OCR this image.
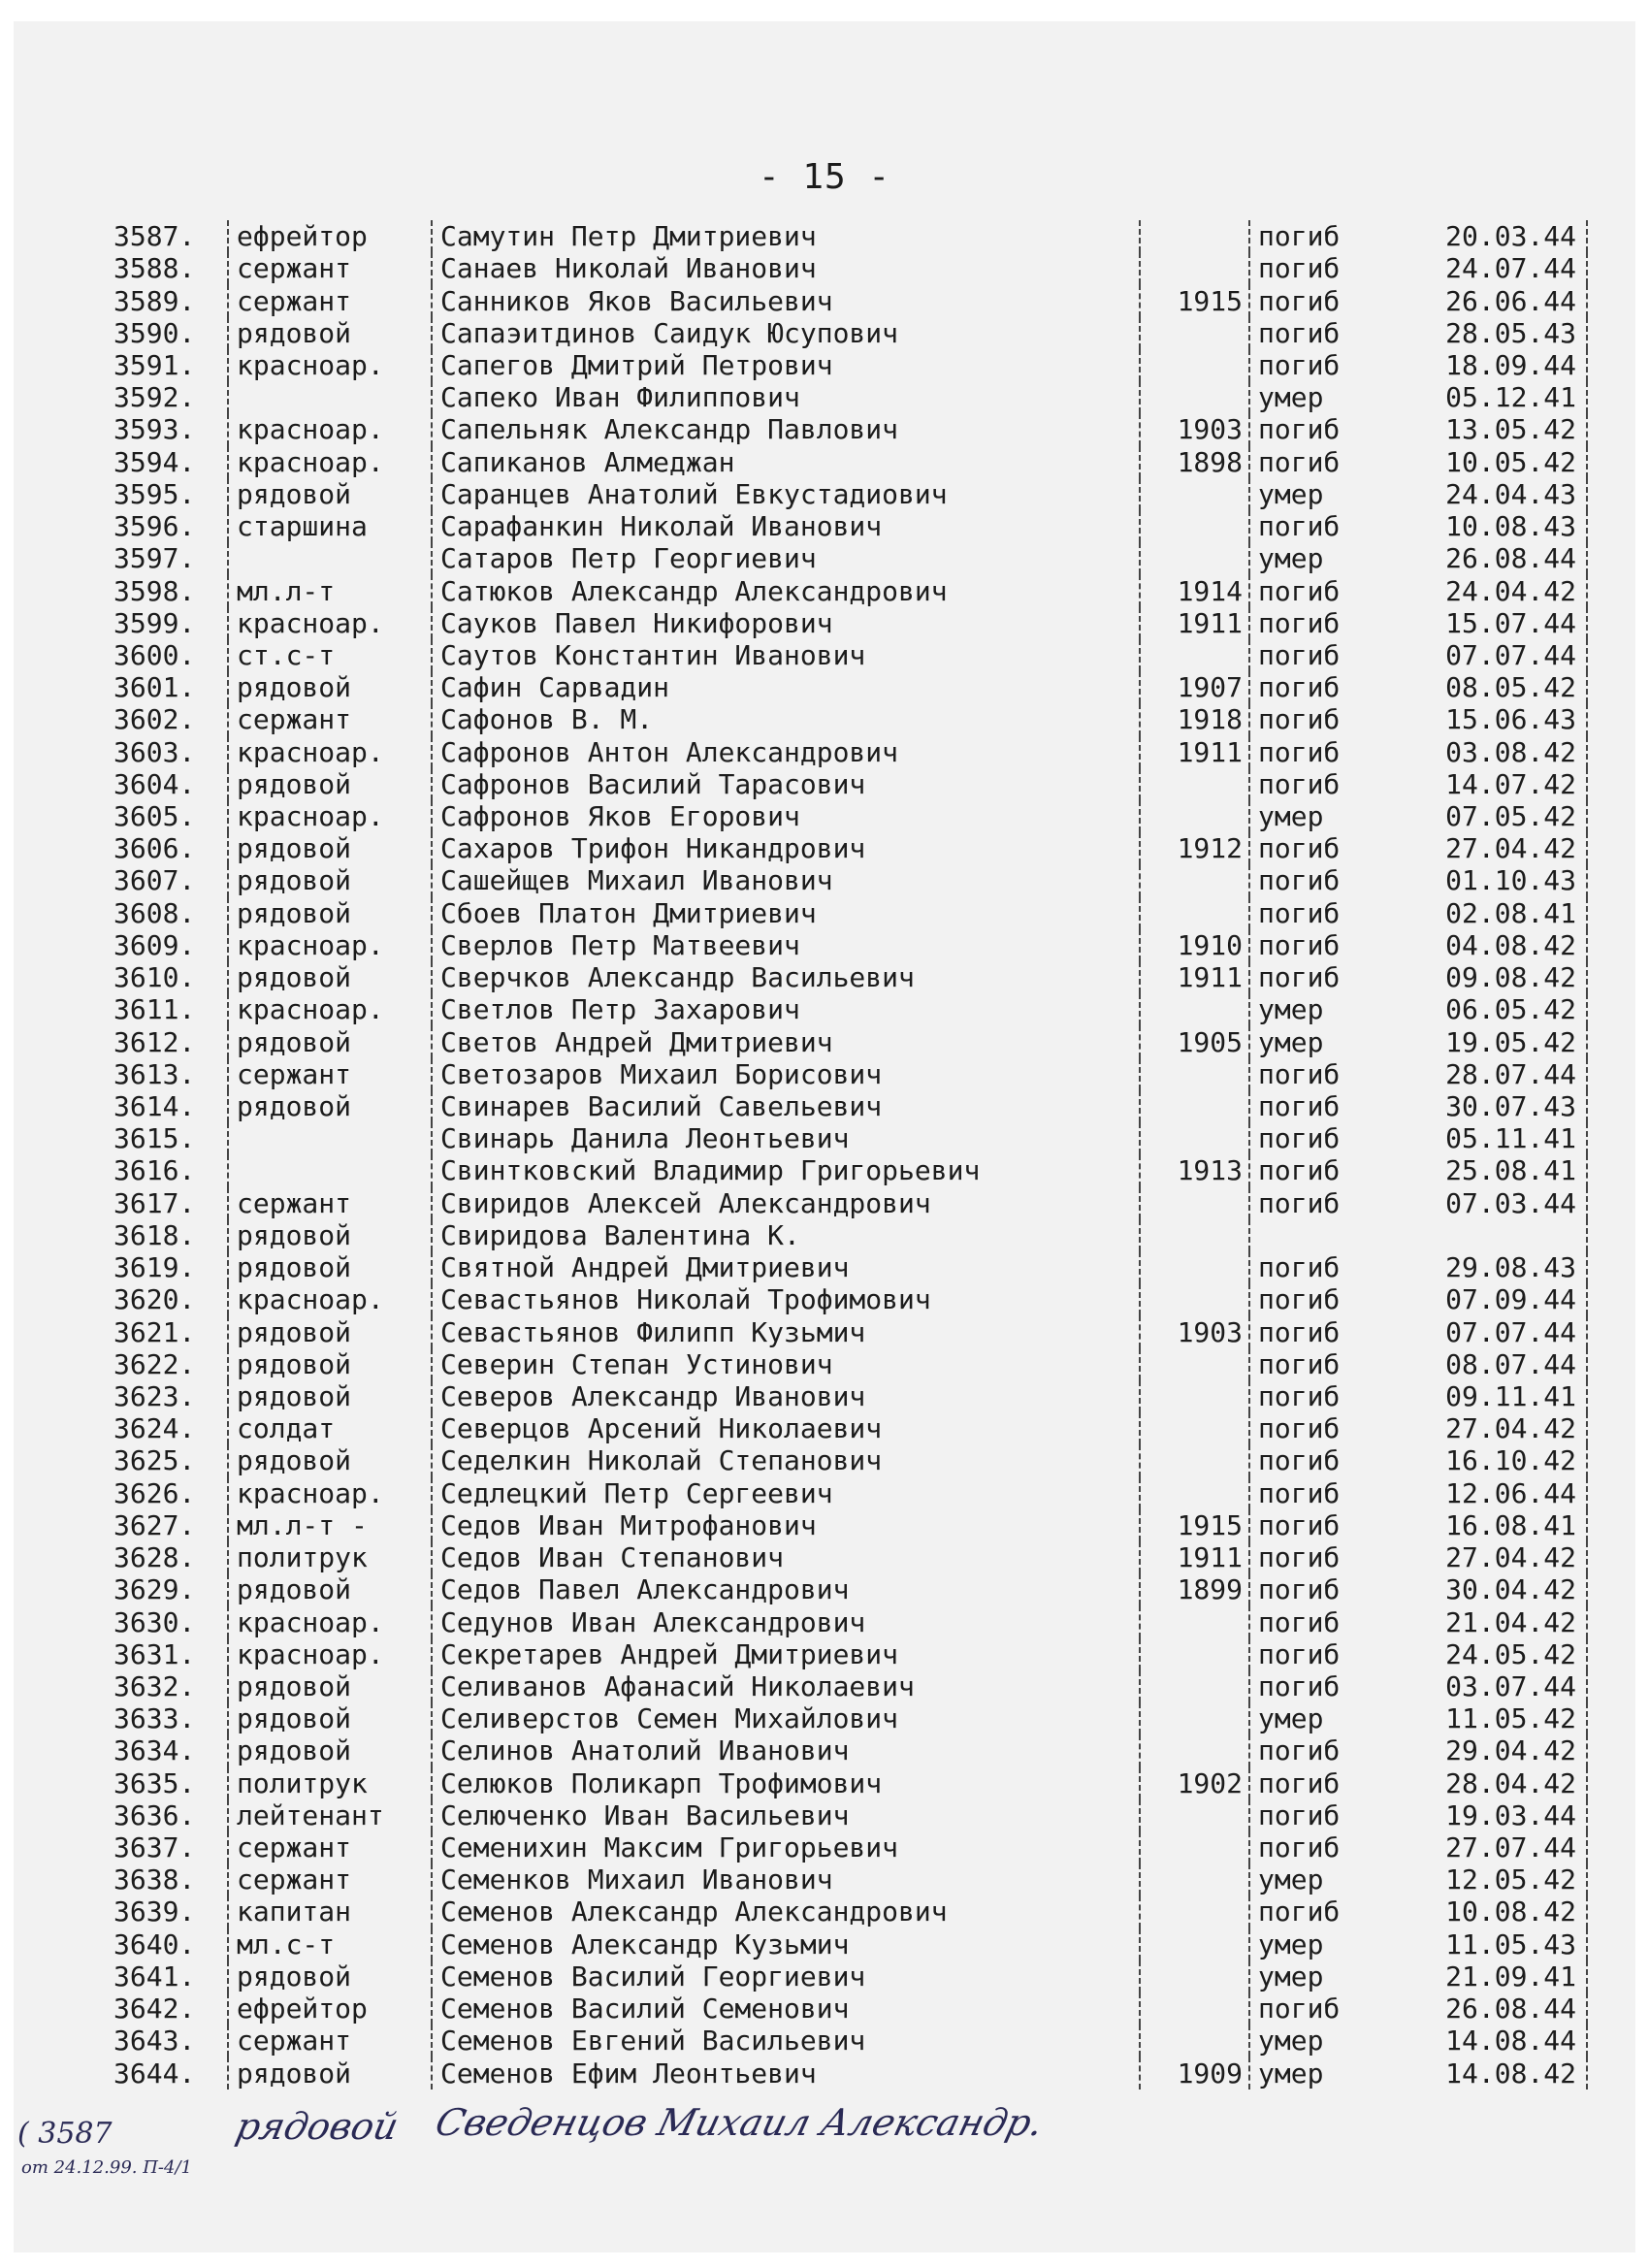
- 15 -
3587.	ефрейтор	Самутин Петр Дмитриевич		погиб	20.03.44
3588.	сержант	Санаев Николай Иванович		погиб	24.07.44
3589.	сержант	Санников Яков Васильевич	1915	погиб	26.06.44
3590.	рядовой	Сапаэитдинов Саидук Юсупович		погиб	28.05.43
3591.	красноар.	Сапегов Дмитрий Петрович		погиб	18.09.44
3592.		Сапеко Иван Филиппович		умер	05.12.41
3593.	красноар.	Сапельняк Александр Павлович	1903	погиб	13.05.42
3594.	красноар.	Сапиканов Алмеджан	1898	погиб	10.05.42
3595.	рядовой	Саранцев Анатолий Евкустадиович		умер	24.04.43
3596.	старшина	Сарафанкин Николай Иванович		погиб	10.08.43
3597.		Сатаров Петр Георгиевич		умер	26.08.44
3598.	мл.л-т	Сатюков Александр Александрович	1914	погиб	24.04.42
3599.	красноар.	Сауков Павел Никифорович	1911	погиб	15.07.44
3600.	ст.с-т	Саутов Константин Иванович		погиб	07.07.44
3601.	рядовой	Сафин Сарвадин	1907	погиб	08.05.42
3602.	сержант	Сафонов В. М.	1918	погиб	15.06.43
3603.	красноар.	Сафронов Антон Александрович	1911	погиб	03.08.42
3604.	рядовой	Сафронов Василий Тарасович		погиб	14.07.42
3605.	красноар.	Сафронов Яков Егорович		умер	07.05.42
3606.	рядовой	Сахаров Трифон Никандрович	1912	погиб	27.04.42
3607.	рядовой	Сашейщев Михаил Иванович		погиб	01.10.43
3608.	рядовой	Сбоев Платон Дмитриевич		погиб	02.08.41
3609.	красноар.	Сверлов Петр Матвеевич	1910	погиб	04.08.42
3610.	рядовой	Сверчков Александр Васильевич	1911	погиб	09.08.42
3611.	красноар.	Светлов Петр Захарович		умер	06.05.42
3612.	рядовой	Светов Андрей Дмитриевич	1905	умер	19.05.42
3613.	сержант	Светозаров Михаил Борисович		погиб	28.07.44
3614.	рядовой	Свинарев Василий Савельевич		погиб	30.07.43
3615.		Свинарь Данила Леонтьевич		погиб	05.11.41
3616.		Свинтковский Владимир Григорьевич	1913	погиб	25.08.41
3617.	сержант	Свиридов Алексей Александрович		погиб	07.03.44
3618.	рядовой	Свиридова Валентина К.			
3619.	рядовой	Святной Андрей Дмитриевич		погиб	29.08.43
3620.	красноар.	Севастьянов Николай Трофимович		погиб	07.09.44
3621.	рядовой	Севастьянов Филипп Кузьмич	1903	погиб	07.07.44
3622.	рядовой	Северин Степан Устинович		погиб	08.07.44
3623.	рядовой	Северов Александр Иванович		погиб	09.11.41
3624.	солдат	Северцов Арсений Николаевич		погиб	27.04.42
3625.	рядовой	Седелкин Николай Степанович		погиб	16.10.42
3626.	красноар.	Седлецкий Петр Сергеевич		погиб	12.06.44
3627.	мл.л-т -	Седов Иван Митрофанович	1915	погиб	16.08.41
3628.	политрук	Седов Иван Степанович	1911	погиб	27.04.42
3629.	рядовой	Седов Павел Александрович	1899	погиб	30.04.42
3630.	красноар.	Седунов Иван Александрович		погиб	21.04.42
3631.	красноар.	Секретарев Андрей Дмитриевич		погиб	24.05.42
3632.	рядовой	Селиванов Афанасий Николаевич		погиб	03.07.44
3633.	рядовой	Селиверстов Семен Михайлович		умер	11.05.42
3634.	рядовой	Селинов Анатолий Иванович		погиб	29.04.42
3635.	политрук	Селюков Поликарп Трофимович	1902	погиб	28.04.42
3636.	лейтенант	Селюченко Иван Васильевич		погиб	19.03.44
3637.	сержант	Семенихин Максим Григорьевич		погиб	27.07.44
3638.	сержант	Семенков Михаил Иванович		умер	12.05.42
3639.	капитан	Семенов Александр Александрович		погиб	10.08.42
3640.	мл.с-т	Семенов Александр Кузьмич		умер	11.05.43
3641.	рядовой	Семенов Василий Георгиевич		умер	21.09.41
3642.	ефрейтор	Семенов Василий Семенович		погиб	26.08.44
3643.	сержант	Семенов Евгений Васильевич		умер	14.08.44
3644.	рядовой	Семенов Ефим Леонтьевич	1909	умер	14.08.42
( 3587
от 24.12.99. П-4/1
рядовой Сведенцов Михаил Александр.
